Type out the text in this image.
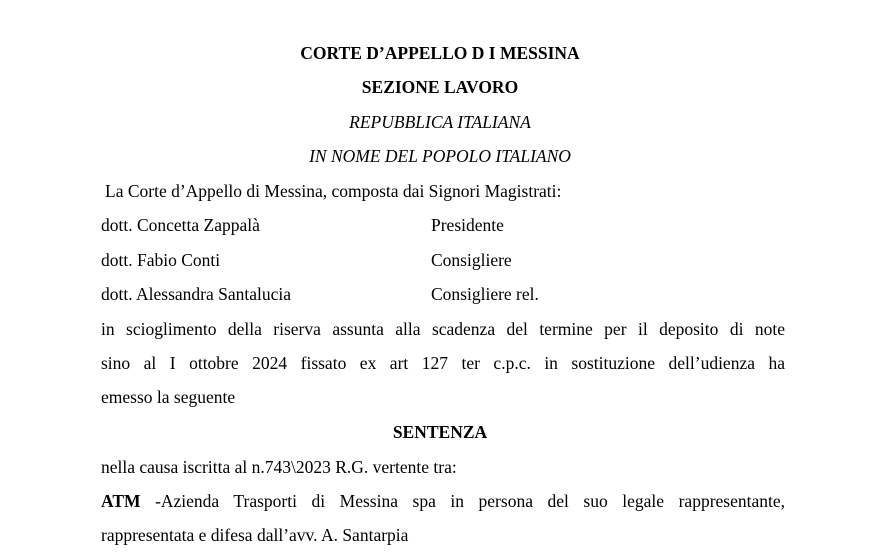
CORTE D’APPELLO D I MESSINA
SEZIONE LAVORO
REPUBBLICA ITALIANA
IN NOME DEL POPOLO ITALIANO
La Corte d’Appello di Messina, composta dai Signori Magistrati:
dott. Concetta Zappalà	Presidente
dott. Fabio Conti	Consigliere
dott. Alessandra Santalucia	Consigliere rel.
in scioglimento della riserva assunta alla scadenza del termine per il deposito di note
sino al I ottobre 2024 fissato ex art 127 ter c.p.c. in sostituzione dell’udienza ha
emesso la seguente
SENTENZA
nella causa iscritta al n.743\2023 R.G. vertente tra:
ATM -Azienda Trasporti di Messina spa in persona del suo legale rappresentante,
rappresentata e difesa dall’avv. A. Santarpia
